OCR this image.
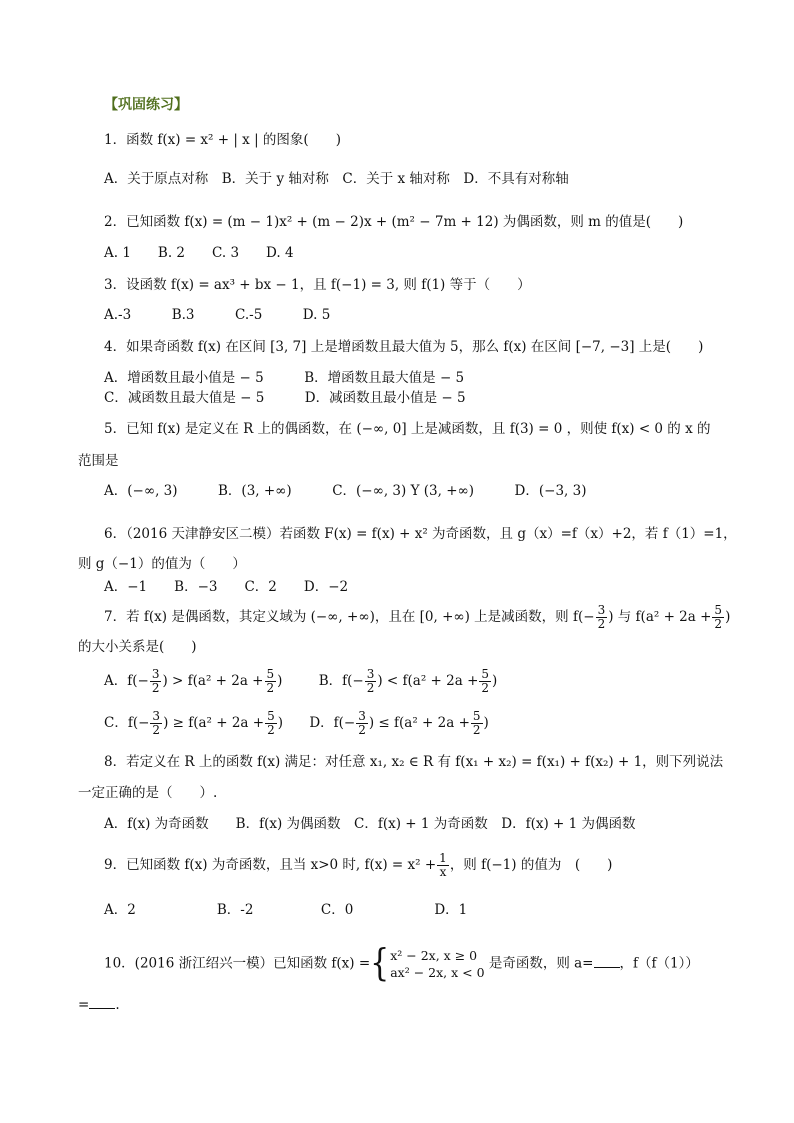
【巩固练习】
1．函数 f(x) = x² + | x | 的图象(　　)
A．关于原点对称　B．关于 y 轴对称　C．关于 x 轴对称　D．不具有对称轴
2．已知函数 f(x) = (m − 1)x² + (m − 2)x + (m² − 7m + 12) 为偶函数，则 m 的值是(　　)
A. 1　　B. 2　　C. 3　　D. 4
3．设函数 f(x) = ax³ + bx − 1，且 f(−1) = 3, 则 f(1) 等于（　　）
A.-3　　　B.3　　　C.-5　　　D. 5
4．如果奇函数 f(x) 在区间 [3, 7] 上是增函数且最大值为 5，那么 f(x) 在区间 [−7, −3] 上是(　　)
A．增函数且最小值是 − 5　　　B．增函数且最大值是 − 5
C．减函数且最大值是 − 5　　　D．减函数且最小值是 − 5
5．已知 f(x) 是定义在 R 上的偶函数，在 (−∞, 0] 上是减函数，且 f(3) = 0 ，则使 f(x) < 0 的 x 的
范围是
A．(−∞, 3)　　　B．(3, +∞)　　　C．(−∞, 3) Y (3, +∞)　　　D．(−3, 3)
6．（2016 天津静安区二模）若函数 F(x) = f(x) + x² 为奇函数，且 g（x）=f（x）+2，若 f（1）=1，
则 g（−1）的值为（　　）
A．−1　　B．−3　　C．2　　D．−2
7．若 f(x) 是偶函数，其定义域为 (−∞, +∞)，且在 [0, +∞) 上是减函数，则 $f(- \frac{3}{2}$ ) 与 $f(a^2 + 2a + \frac{5}{2}$ )
的大小关系是(　　)
A．$f(- \frac{3}{2}$ ) > $f(a^2 + 2a + \frac{5}{2}$ )	B．$f(- \frac{3}{2}$ ) < $f(a^2 + 2a + \frac{5}{2}$ )
C．$f(- \frac{3}{2}$ ) ≥ $f(a^2 + 2a + \frac{5}{2}$ ) D．$f(- \frac{3}{2}$ ) ≤ $f(a^2 + 2a + \frac{5}{2}$ )
8．若定义在 R 上的函数 f(x) 满足：对任意 x₁, x₂ ∈ R 有 f(x₁ + x₂) = f(x₁) + f(x₂) + 1，则下列说法
一定正确的是（　　）.
A．f(x) 为奇函数　　B．f(x) 为偶函数　C．f(x) + 1 为奇函数　D．f(x) + 1 为偶函数
9．已知函数 f(x) 为奇函数，且当 x>0 时, $f(x) = x^2 + \frac{1}{x}$ ，则 f(−1) 的值为　(　　)
A．2　　　　　　B．-2　　　　　C．0　　　　　　D．1
10．(2016 浙江绍兴一模）已知函数 f(x) ={ x² − 2x, x ≥ 0
ax² − 2x, x < 0
是奇函数，则 a= ，f（f（1））
= .
